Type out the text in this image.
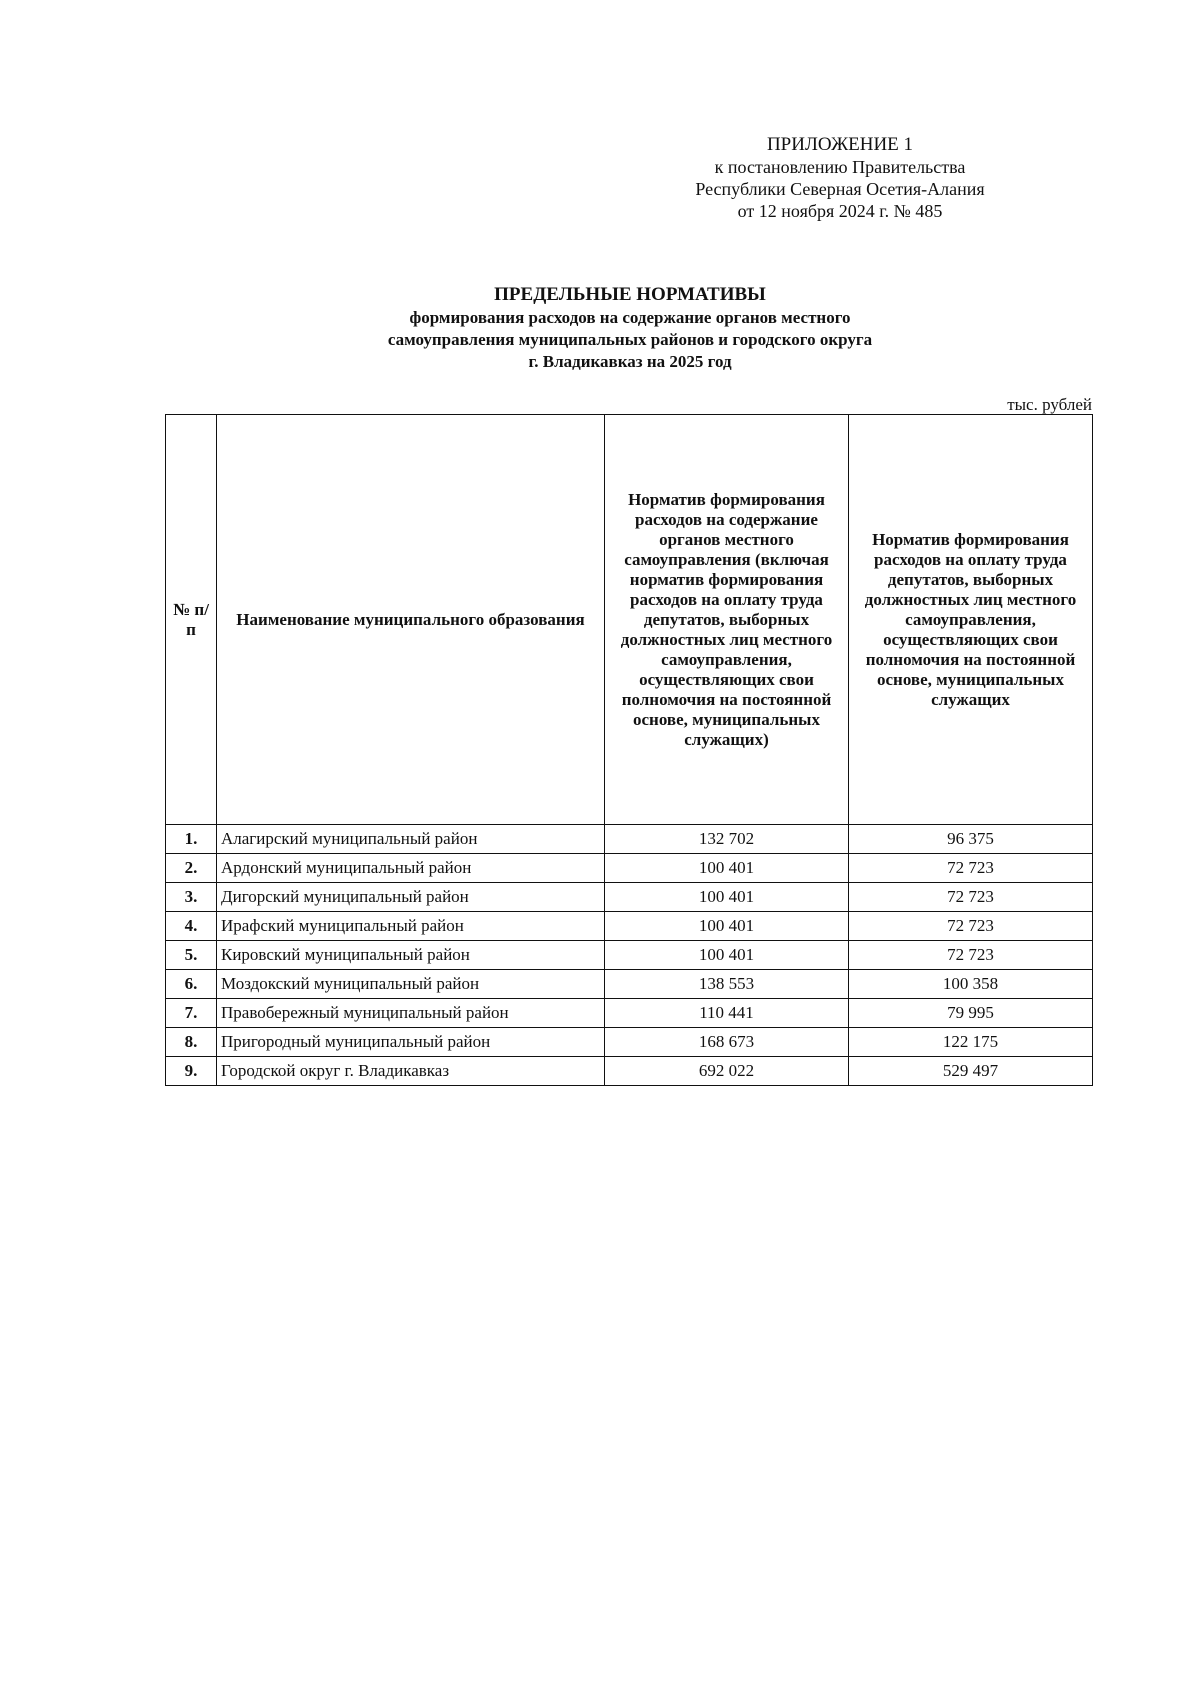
ПРИЛОЖЕНИЕ 1
к постановлению Правительства
Республики Северная Осетия-Алания
от 12 ноября 2024 г. № 485
ПРЕДЕЛЬНЫЕ НОРМАТИВЫ
формирования расходов на содержание органов местного
самоуправления муниципальных районов и городского округа
г. Владикавказ на 2025 год
тыс. рублей
№ п/п	Наименование муниципального образования	Норматив формирования расходов на содержание органов местного самоуправления (включая норматив формирования расходов на оплату труда депутатов, выборных должностных лиц местного самоуправления, осуществляющих свои полномочия на постоянной основе, муниципальных служащих)	Норматив формирования расходов на оплату труда депутатов, выборных должностных лиц местного самоуправления, осуществляющих свои полномочия на постоянной основе, муниципальных служащих
1.	Алагирский муниципальный район	132 702	96 375
2.	Ардонский муниципальный район	100 401	72 723
3.	Дигорский муниципальный район	100 401	72 723
4.	Ирафский муниципальный район	100 401	72 723
5.	Кировский муниципальный район	100 401	72 723
6.	Моздокский муниципальный район	138 553	100 358
7.	Правобережный муниципальный район	110 441	79 995
8.	Пригородный муниципальный район	168 673	122 175
9.	Городской округ г. Владикавказ	692 022	529 497
